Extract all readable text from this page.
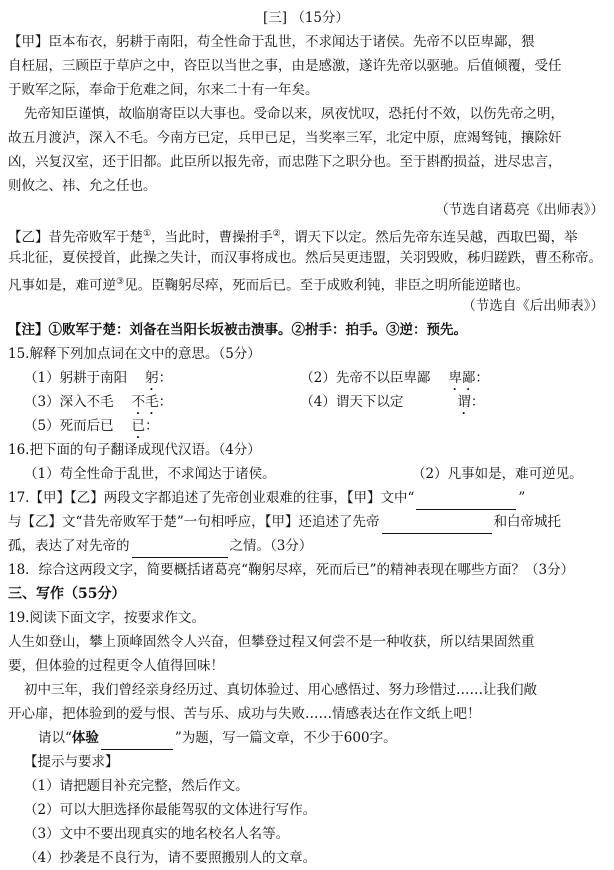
[三] （15分）
【甲】臣本布衣，躬耕于南阳，苟全性命于乱世，不求闻达于诸侯。先帝不以臣卑鄙，猥
自枉屈，三顾臣于草庐之中，咨臣以当世之事，由是感激，遂许先帝以驱驰。后值倾覆，受任
于败军之际，奉命于危难之间，尔来二十有一年矣。
先帝知臣谨慎，故临崩寄臣以大事也。受命以来，夙夜忧叹，恐托付不效，以伤先帝之明，
故五月渡泸，深入不毛。今南方已定，兵甲已足，当奖率三军，北定中原，庶竭驽钝，攘除奸
凶，兴复汉室，还于旧都。此臣所以报先帝，而忠陛下之职分也。至于斟酌损益，进尽忠言，
则攸之、祎、允之任也。
（节选自诸葛亮《出师表》）
【乙】昔先帝败军于楚①，当此时，曹操拊手②，谓天下以定。然后先帝东连吴越，西取巴蜀，举
兵北征，夏侯授首，此操之失计，而汉事将成也。然后吴更违盟，关羽毁败，秭归蹉跌，曹丕称帝。
凡事如是，难可逆③见。臣鞠躬尽瘁，死而后已。至于成败利钝，非臣之明所能逆睹也。
（节选自《后出师表》）
【注】①败军于楚：刘备在当阳长坂被击溃事。②拊手：拍手。③逆：预先。
15.解释下列加点词在文中的意思。（5分）
（1）躬耕于南阳 躬：	（2）先帝不以臣卑鄙 卑鄙：
（3）深入不毛 不毛：	（4）谓天下以定	谓：
（5）死而后已 已：
16.把下面的句子翻译成现代汉语。（4分）
（1）苟全性命于乱世，不求闻达于诸侯。	（2）凡事如是，难可逆见。
17.【甲】【乙】两段文字都追述了先帝创业艰难的往事，【甲】文中“	”
与【乙】文“昔先帝败军于楚”一句相呼应，【甲】还追述了先帝	和白帝城托
孤，表达了对先帝的	之情。（3分）
18．综合这两段文字，简要概括诸葛亮“鞠躬尽瘁，死而后已”的精神表现在哪些方面？（3分）
三、写作（55分）
19.阅读下面文字，按要求作文。
人生如登山，攀上顶峰固然令人兴奋，但攀登过程又何尝不是一种收获，所以结果固然重
要，但体验的过程更令人值得回味！
初中三年，我们曾经亲身经历过、真切体验过、用心感悟过、努力珍惜过……让我们敞
开心扉，把体验到的爱与恨、苦与乐、成功与失败……情感表达在作文纸上吧！
请以“体验	”为题，写一篇文章，不少于600字。
【提示与要求】
（1）请把题目补充完整，然后作文。
（2）可以大胆选择你最能驾驭的文体进行写作。
（3）文中不要出现真实的地名校名人名等。
（4）抄袭是不良行为，请不要照搬别人的文章。
